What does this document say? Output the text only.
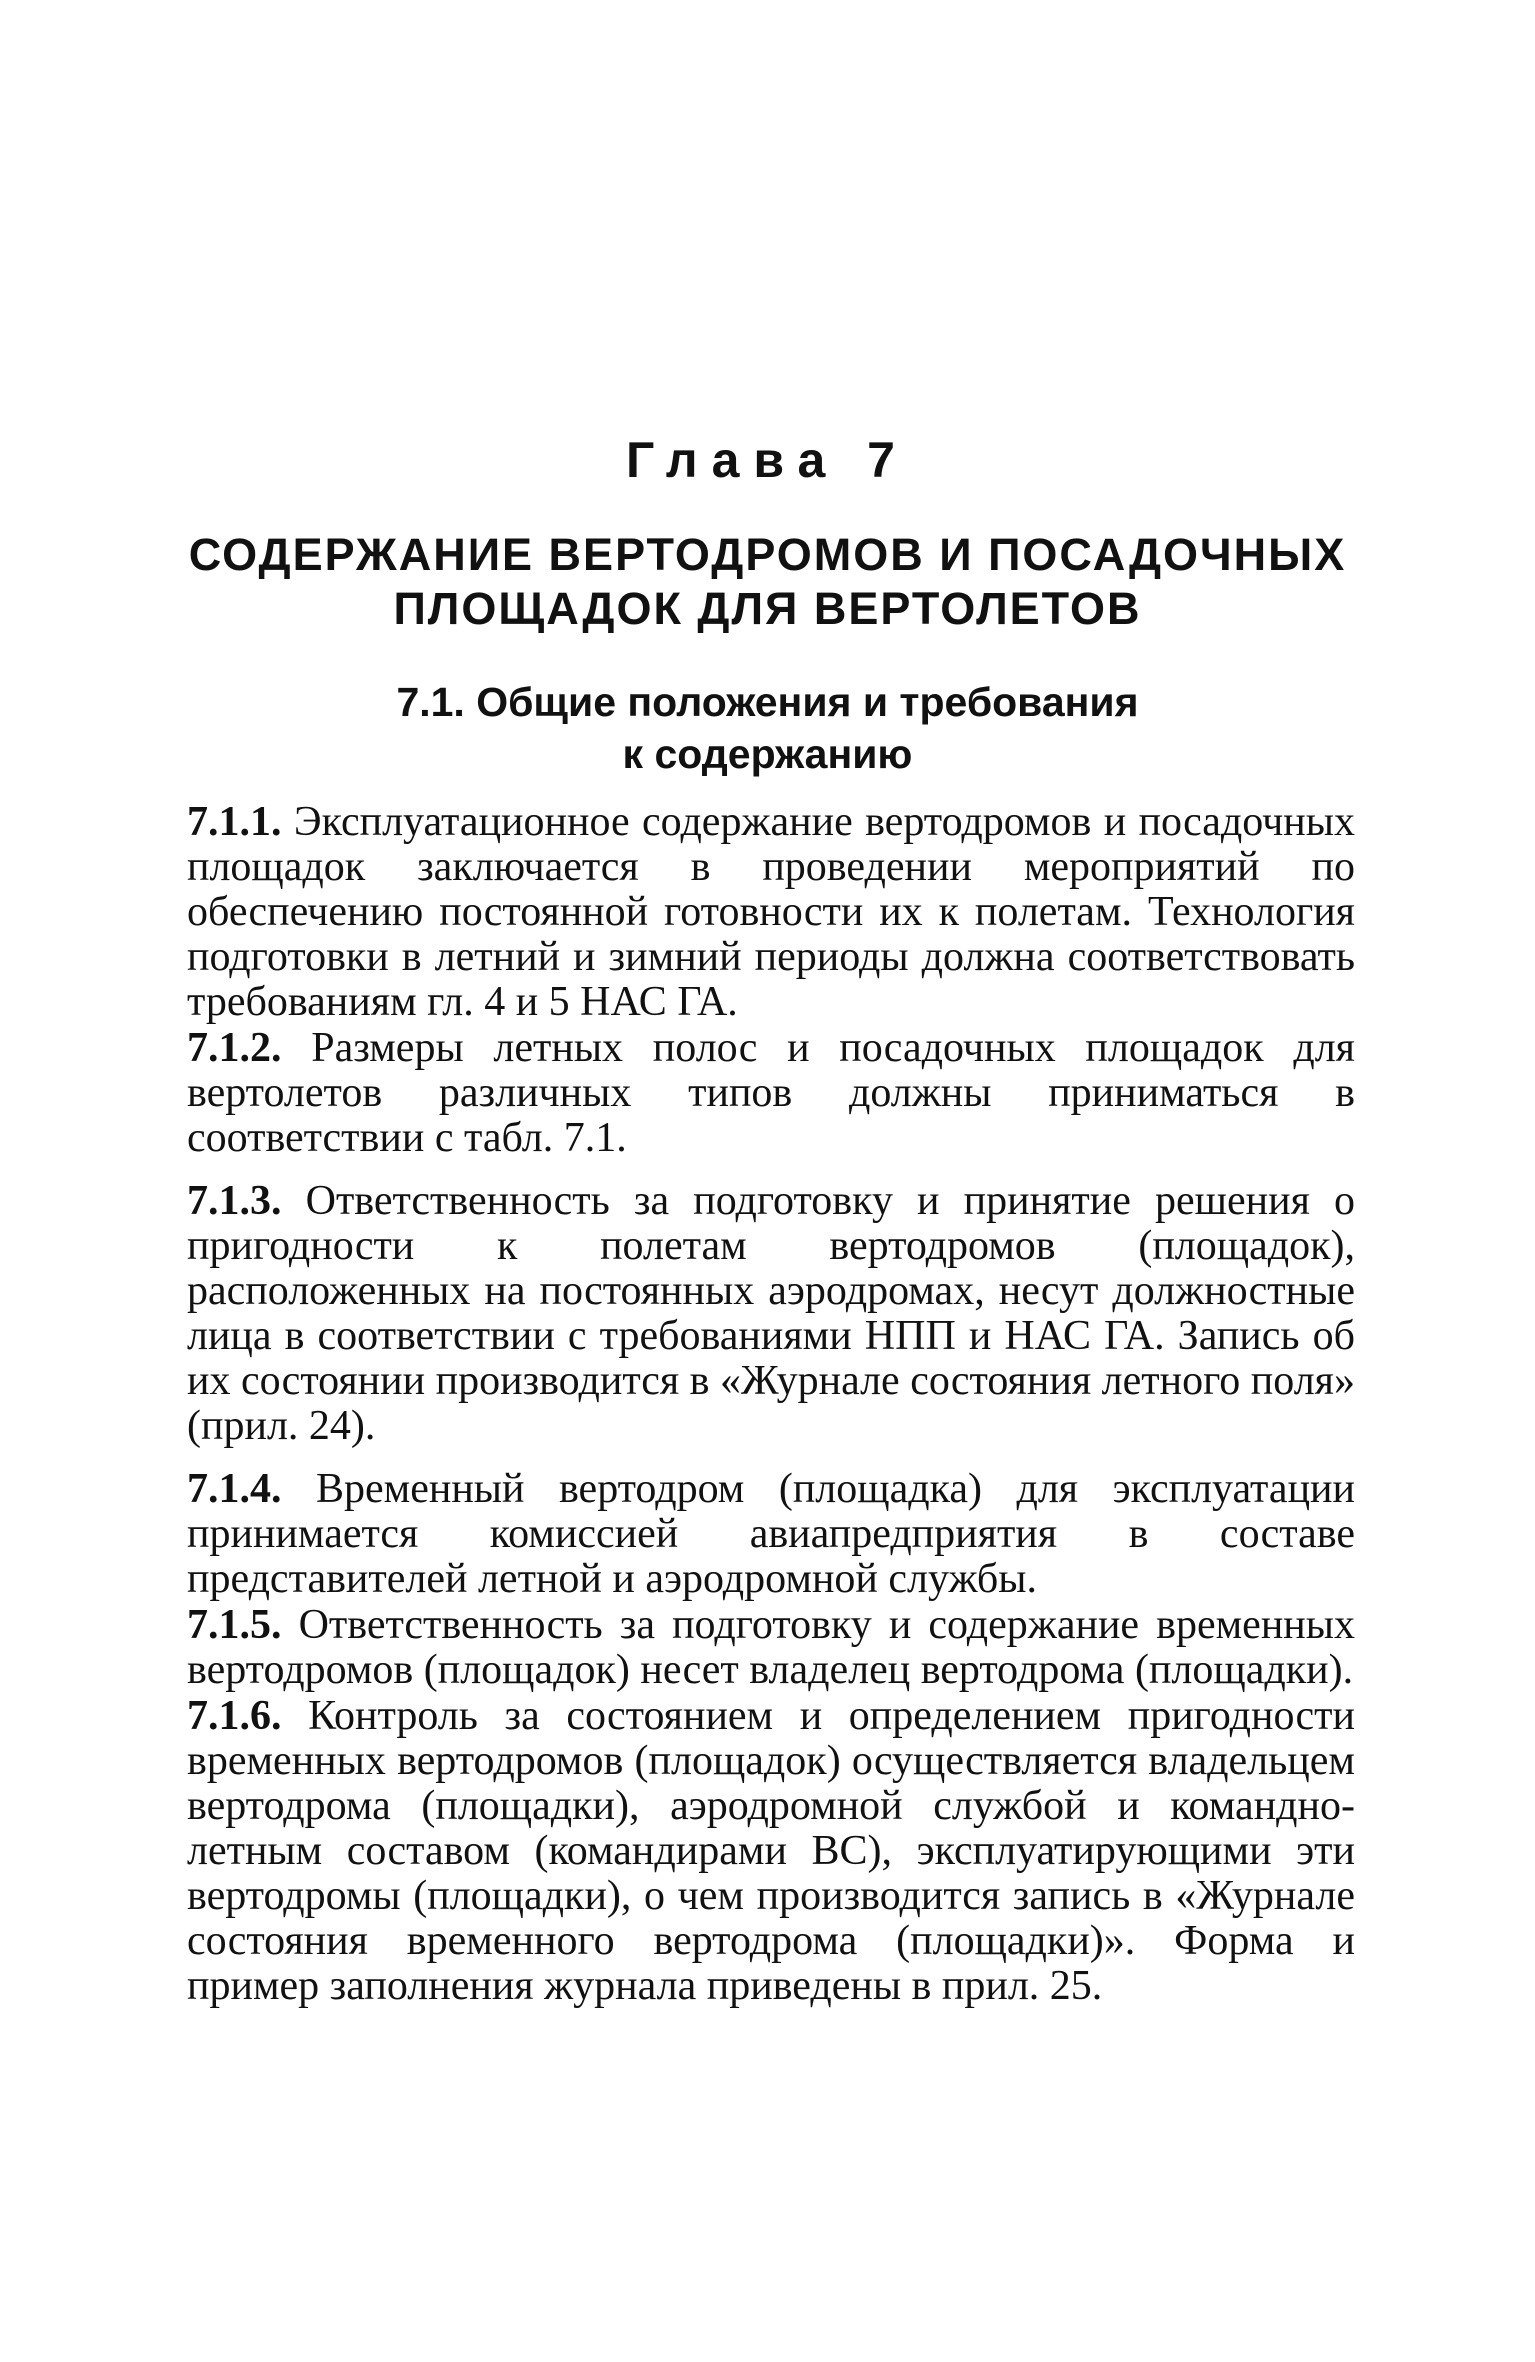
Глава 7
СОДЕРЖАНИЕ ВЕРТОДРОМОВ И ПОСАДОЧНЫХ
ПЛОЩАДОК ДЛЯ ВЕРТОЛЕТОВ
7.1. Общие положения и требования
к содержанию

7.1.1. Эксплуатационное содержание вертодромов и посадочных площадок заключается в проведении мероприятий по обеспечению постоянной готовности их к полетам. Технология подготовки в летний и зимний периоды должна соответствовать требованиям гл. 4 и 5 НАС ГА.

7.1.2. Размеры летных полос и посадочных площадок для вертолетов различных типов должны приниматься в соответствии с табл. 7.1.

7.1.3. Ответственность за подготовку и принятие решения о пригодности к полетам вертодромов (площадок), расположенных на постоянных аэродромах, несут должностные лица в соответствии с требованиями НПП и НАС ГА. Запись об их состоянии производится в «Журнале состояния летного поля» (прил. 24).

7.1.4. Временный вертодром (площадка) для эксплуатации принимается комиссией авиапредприятия в составе представителей летной и аэродромной службы.

7.1.5. Ответственность за подготовку и содержание временных вертодромов (площадок) несет владелец вертодрома (площадки).

7.1.6. Контроль за состоянием и определением пригодности временных вертодромов (площадок) осуществляется владельцем вертодрома (площадки), аэродромной службой и командно-летным составом (командирами ВС), эксплуатирующими эти вертодромы (площадки), о чем производится запись в «Журнале состояния временного вертодрома (площадки)». Форма и пример заполнения журнала приведены в прил. 25.
